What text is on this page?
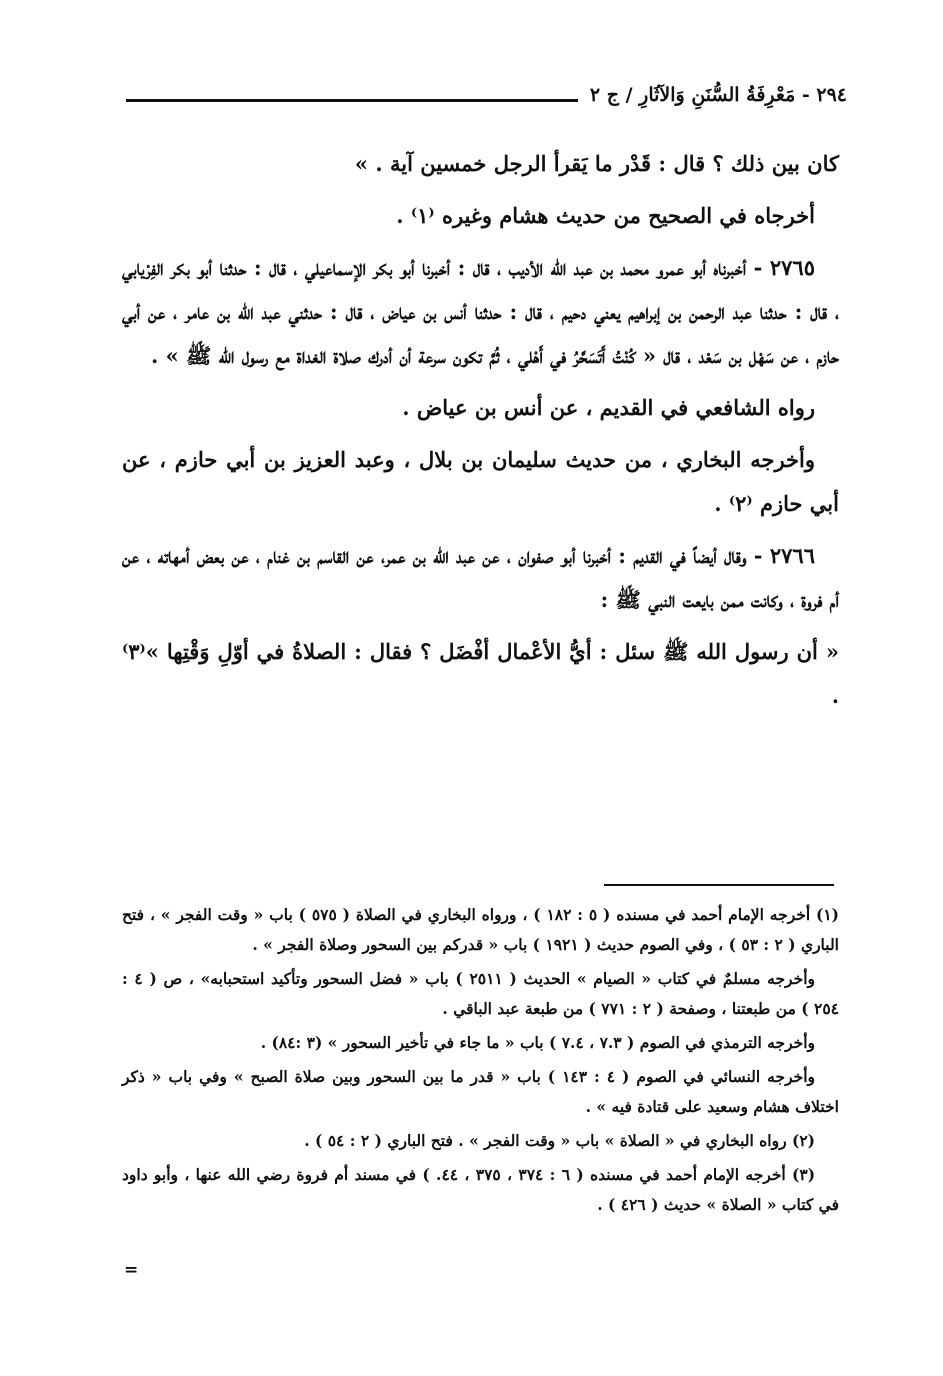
٢٩٤ - مَعْرِفَةُ السُّنَنِ وَالآثَارِ / ج ٢

كان بين ذلك ؟ قال : قَدْر ما يَقرأ الرجل خمسين آية . »

أخرجاه في الصحيح من حديث هشام وغيره ⁽١⁾ .

٢٧٦٥ - أخبرناه أبو عمرو محمد بن عبد الله الأديب ، قال : أخبرنا أبو بكر الإسماعيلي ، قال : حدثنا أبو بكر الفِرْيابي ، قال : حدثنا عبد الرحمن بن إبراهيم يعني دحيم ، قال : حدثنا أنس بن عياض ، قال : حدثني عبد الله بن عامر ، عن أبي حازم ، عن سَهْل بن سَعْد ، قال « كُنْتُ أَتَسَحَّرُ في أَهْلي ، ثُمَّ تكون سرعة أن أدرك صلاة الغداة مع رسول الله ﷺ » .

رواه الشافعي في القديم ، عن أنس بن عياض .

وأخرجه البخاري ، من حديث سليمان بن بلال ، وعبد العزيز بن أبي حازم ، عن أبي حازم ⁽٢⁾ .

٢٧٦٦ - وقال أيضاً في القديم : أخبرنا أبو صفوان ، عن عبد الله بن عمر، عن القاسم بن غنام ، عن بعض أمهاته ، عن أم فروة ، وكانت ممن بايعت النبي ﷺ :

« أن رسول الله ﷺ سئل : أيُّ الأعْمال أفْضَل ؟ فقال : الصلاةُ في أوّلِ وَقْتِها »⁽٣⁾ .

(١) أخرجه الإمام أحمد في مسنده ( ٥ : ١٨٢ ) ، ورواه البخاري في الصلاة ( ٥٧٥ ) باب « وقت الفجر » ، فتح الباري ( ٢ : ٥٣ ) ، وفي الصوم حديث ( ١٩٢١ ) باب « قدركم بين السحور وصلاة الفجر » .

وأخرجه مسلمٌ في كتاب « الصيام » الحديث ( ٢٥١١ ) باب « فضل السحور وتأكيد استحبابه» ، ص ( ٤ : ٢٥٤ ) من طبعتنا ، وصفحة ( ٢ : ٧٧١ ) من طبعة عبد الباقي .

وأخرجه الترمذي في الصوم ( ٧.٣ ، ٧.٤ ) باب « ما جاء في تأخير السحور » (٣ :٨٤) .

وأخرجه النسائي في الصوم ( ٤ : ١٤٣ ) باب « قدر ما بين السحور وبين صلاة الصبح » وفي باب « ذكر اختلاف هشام وسعيد على قتادة فيه » .

(٢) رواه البخاري في « الصلاة » باب « وقت الفجر » . فتح الباري ( ٢ : ٥٤ ) .

(٣) أخرجه الإمام أحمد في مسنده ( ٦ : ٣٧٤ ، ٣٧٥ ، ٤٤. ) في مسند أم فروة رضي الله عنها ، وأبو داود في كتاب « الصلاة » حديث ( ٤٢٦ ) .

=
